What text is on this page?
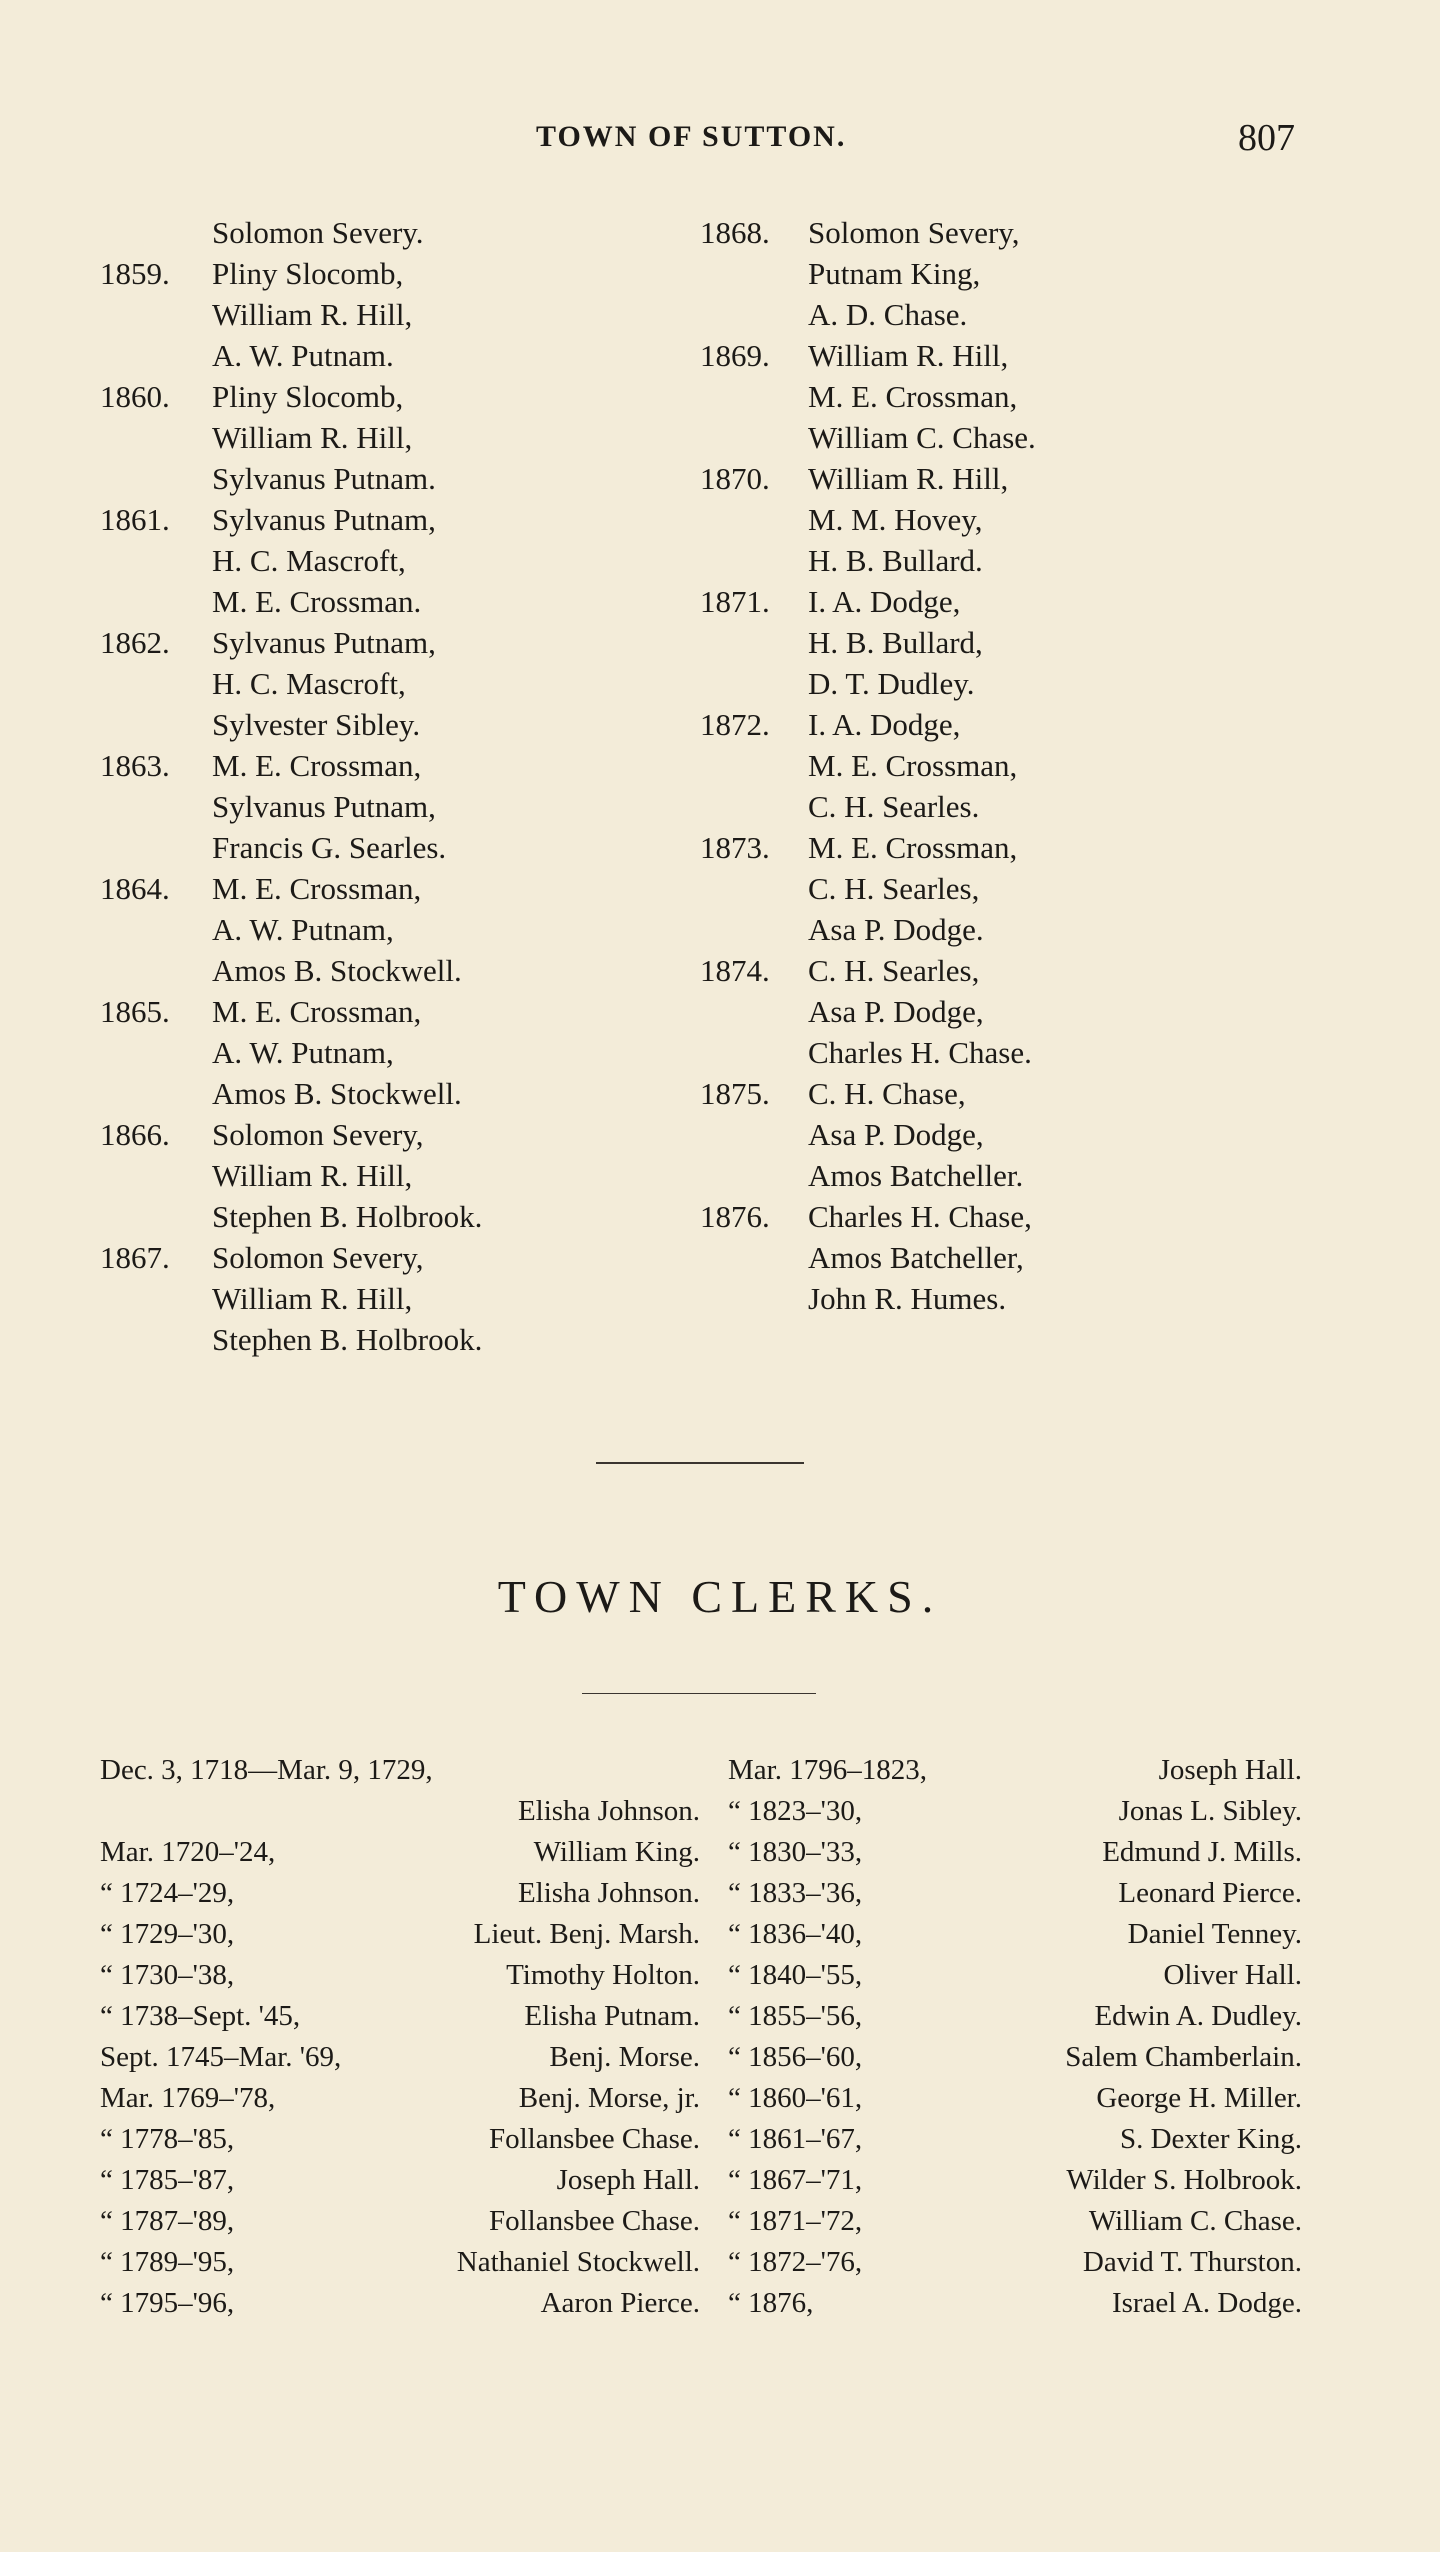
TOWN OF SUTTON.	807
Solomon Severy.
1859.	Pliny Slocomb,
William R. Hill,
A. W. Putnam.
1860.	Pliny Slocomb,
William R. Hill,
Sylvanus Putnam.
1861.	Sylvanus Putnam,
H. C. Mascroft,
M. E. Crossman.
1862.	Sylvanus Putnam,
H. C. Mascroft,
Sylvester Sibley.
1863.	M. E. Crossman,
Sylvanus Putnam,
Francis G. Searles.
1864.	M. E. Crossman,
A. W. Putnam,
Amos B. Stockwell.
1865.	M. E. Crossman,
A. W. Putnam,
Amos B. Stockwell.
1866.	Solomon Severy,
William R. Hill,
Stephen B. Holbrook.
1867.	Solomon Severy,
William R. Hill,
Stephen B. Holbrook.
1868.	Solomon Severy,
Putnam King,
A. D. Chase.
1869.	William R. Hill,
M. E. Crossman,
William C. Chase.
1870.	William R. Hill,
M. M. Hovey,
H. B. Bullard.
1871.	I. A. Dodge,
H. B. Bullard,
D. T. Dudley.
1872.	I. A. Dodge,
M. E. Crossman,
C. H. Searles.
1873.	M. E. Crossman,
C. H. Searles,
Asa P. Dodge.
1874.	C. H. Searles,
Asa P. Dodge,
Charles H. Chase.
1875.	C. H. Chase,
Asa P. Dodge,
Amos Batcheller.
1876.	Charles H. Chase,
Amos Batcheller,
John R. Humes.
TOWN CLERKS.
Dec. 3, 1718—Mar. 9, 1729,
Elisha Johnson.
Mar. 1720–'24,	William King.
“ 1724–'29,	Elisha Johnson.
“ 1729–'30,	Lieut. Benj. Marsh.
“ 1730–'38,	Timothy Holton.
“ 1738–Sept. '45,	Elisha Putnam.
Sept. 1745–Mar. '69,	Benj. Morse.
Mar. 1769–'78,	Benj. Morse, jr.
“ 1778–'85,	Follansbee Chase.
“ 1785–'87,	Joseph Hall.
“ 1787–'89,	Follansbee Chase.
“ 1789–'95,	Nathaniel Stockwell.
“ 1795–'96,	Aaron Pierce.
Mar. 1796–1823,	Joseph Hall.
“ 1823–'30,	Jonas L. Sibley.
“ 1830–'33,	Edmund J. Mills.
“ 1833–'36,	Leonard Pierce.
“ 1836–'40,	Daniel Tenney.
“ 1840–'55,	Oliver Hall.
“ 1855–'56,	Edwin A. Dudley.
“ 1856–'60,	Salem Chamberlain.
“ 1860–'61,	George H. Miller.
“ 1861–'67,	S. Dexter King.
“ 1867–'71,	Wilder S. Holbrook.
“ 1871–'72,	William C. Chase.
“ 1872–'76,	David T. Thurston.
“ 1876,	Israel A. Dodge.
